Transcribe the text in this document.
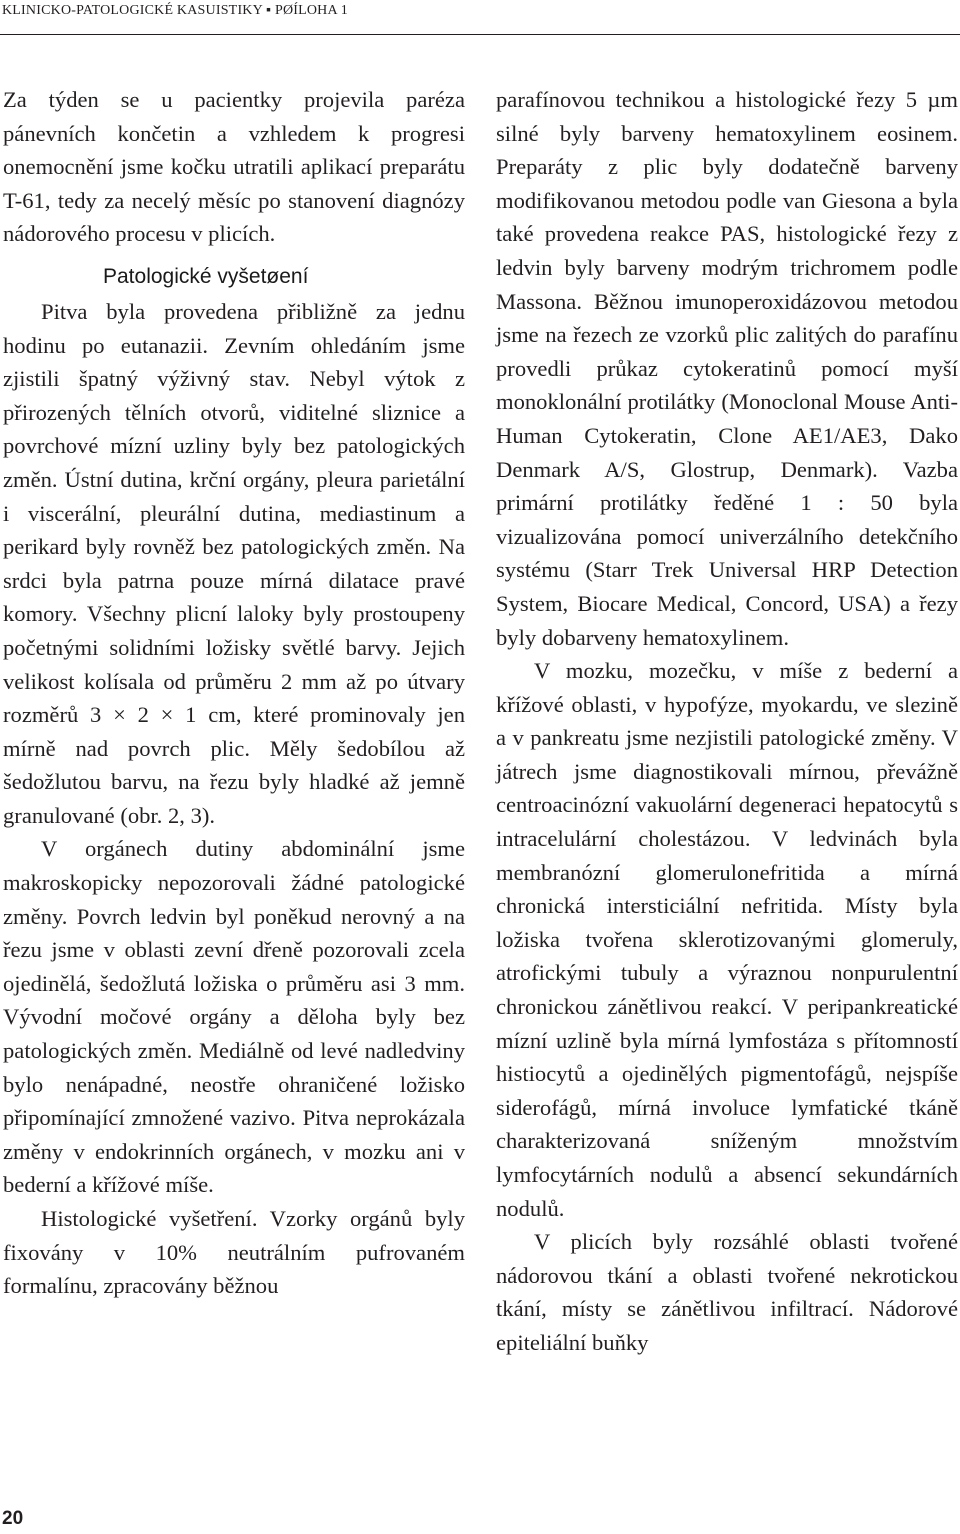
KLINICKO-PATOLOGICKÉ KASUISTIKY ▪ PØÍLOHA 1

Za týden se u pacientky projevila paréza pánevních končetin a vzhledem k progresi onemocnění jsme kočku utratili aplikací preparátu T-61, tedy za necelý měsíc po stanovení diagnózy nádorového procesu v plicích.

Patologické vyšetøení

Pitva byla provedena přibližně za jednu hodinu po eutanazii. Zevním ohledáním jsme zjistili špatný výživný stav. Nebyl výtok z přirozených tělních otvorů, viditelné sliznice a povrchové mízní uzliny byly bez patologických změn. Ústní dutina, krční orgány, pleura parietální i viscerální, pleurální dutina, mediastinum a perikard byly rovněž bez patologických změn. Na srdci byla patrna pouze mírná dilatace pravé komory. Všechny plicní laloky byly prostoupeny početnými solidními ložisky světlé barvy. Jejich velikost kolísala od průměru 2 mm až po útvary rozměrů 3 × 2 × 1 cm, které prominovaly jen mírně nad povrch plic. Měly šedobílou až šedožlutou barvu, na řezu byly hladké až jemně granulované (obr. 2, 3).

V orgánech dutiny abdominální jsme makroskopicky nepozorovali žádné patologické změny. Povrch ledvin byl poněkud nerovný a na řezu jsme v oblasti zevní dřeně pozorovali zcela ojedinělá, šedožlutá ložiska o průměru asi 3 mm. Vývodní močové orgány a děloha byly bez patologických změn. Mediálně od levé nadledviny bylo nenápadné, neostře ohraničené ložisko připomínající zmnožené vazivo. Pitva neprokázala změny v endokrinních orgánech, v mozku ani v bederní a křížové míše.

Histologické vyšetření. Vzorky orgánů byly fixovány v 10% neutrálním pufrovaném formalínu, zpracovány běžnou

parafínovou technikou a histologické řezy 5 µm silné byly barveny hematoxylinem eosinem. Preparáty z plic byly dodatečně barveny modifikovanou metodou podle van Giesona a byla také provedena reakce PAS, histologické řezy z ledvin byly barveny modrým trichromem podle Massona. Běžnou imunoperoxidázovou metodou jsme na řezech ze vzorků plic zalitých do parafínu provedli průkaz cytokeratinů pomocí myší monoklonální protilátky (Monoclonal Mouse Anti-Human Cytokeratin, Clone AE1/AE3, Dako Denmark A/S, Glostrup, Denmark). Vazba primární protilátky ředěné 1 : 50 byla vizualizována pomocí univerzálního detekčního systému (Starr Trek Universal HRP Detection System, Biocare Medical, Concord, USA) a řezy byly dobarveny hematoxylinem.

V mozku, mozečku, v míše z bederní a křížové oblasti, v hypofýze, myokardu, ve slezině a v pankreatu jsme nezjistili patologické změny. V játrech jsme diagnostikovali mírnou, převážně centroacinózní vakuolární degeneraci hepatocytů s intracelulární cholestázou. V ledvinách byla membranózní glomerulonefritida a mírná chronická intersticiální nefritida. Místy byla ložiska tvořena sklerotizovanými glomeruly, atrofickými tubuly a výraznou nonpurulentní chronickou zánětlivou reakcí. V peripankreatické mízní uzlině byla mírná lymfostáza s přítomností histiocytů a ojedinělých pigmentofágů, nejspíše siderofágů, mírná involuce lymfatické tkáně charakterizovaná sníženým množstvím lymfocytárních nodulů a absencí sekundárních nodulů.

V plicích byly rozsáhlé oblasti tvořené nádorovou tkání a oblasti tvořené nekrotickou tkání, místy se zánětlivou infiltrací. Nádorové epiteliální buňky

20
